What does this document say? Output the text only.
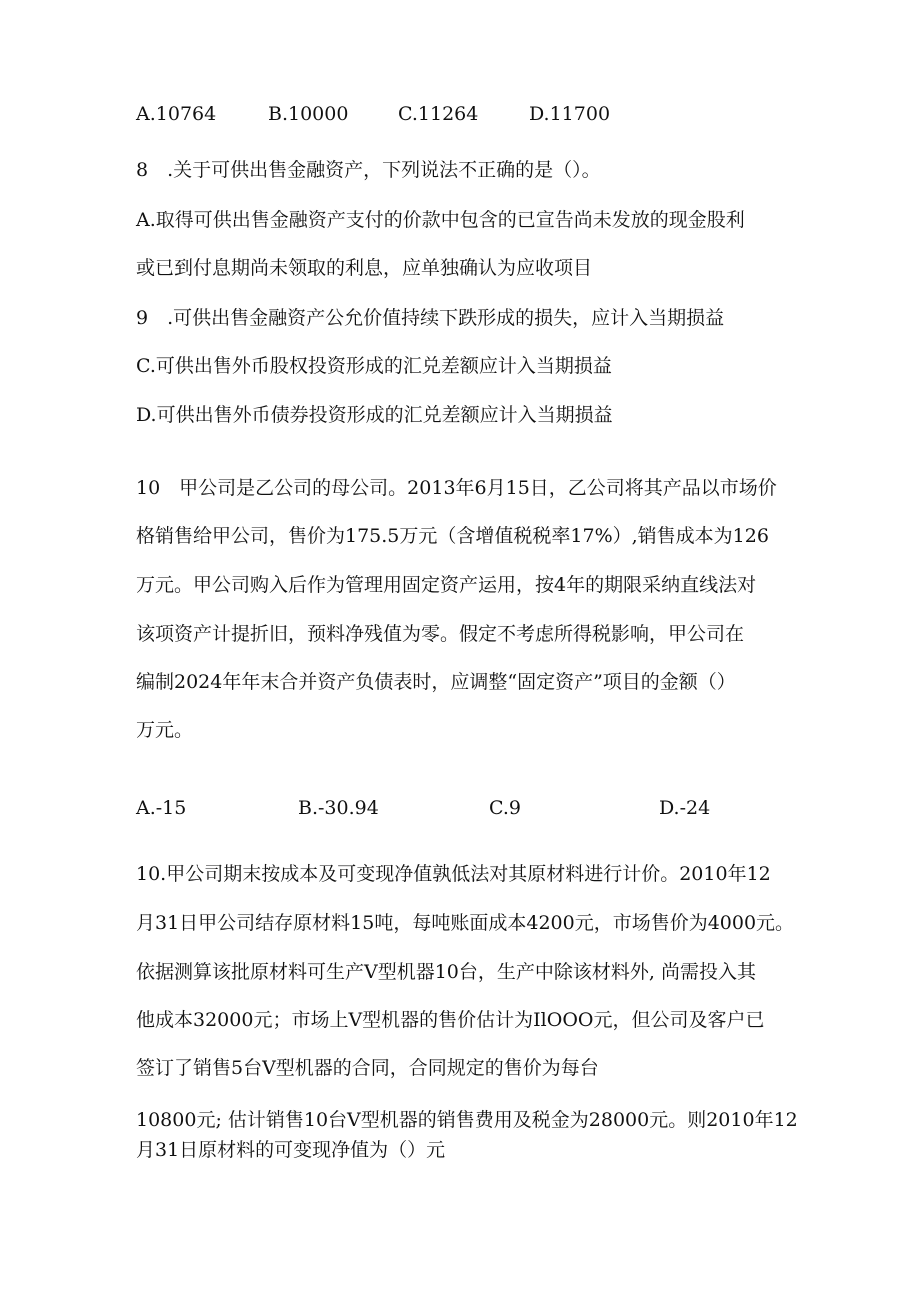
A.10764	B.10000	C.11264	D.11700
8　.关于可供出售金融资产，下列说法不正确的是（）。
A.取得可供出售金融资产支付的价款中包含的已宣告尚未发放的现金股利
或已到付息期尚未领取的利息，应单独确认为应收项目
9　.可供出售金融资产公允价值持续下跌形成的损失，应计入当期损益
C.可供出售外币股权投资形成的汇兑差额应计入当期损益
D.可供出售外币债券投资形成的汇兑差额应计入当期损益
10　甲公司是乙公司的母公司。2013年6月15日，乙公司将其产品以市场价
格销售给甲公司，售价为175.5万元（含增值税税率17%）,销售成本为126
万元。甲公司购入后作为管理用固定资产运用，按4年的期限采纳直线法对
该项资产计提折旧，预料净残值为零。假定不考虑所得税影响，甲公司在
编制2024年年末合并资产负债表时，应调整“固定资产”项目的金额（）
万元。
A.-15	B.-30.94	C.9	D.-24
10.甲公司期末按成本及可变现净值孰低法对其原材料进行计价。2010年12
月31日甲公司结存原材料15吨，每吨账面成本4200元，市场售价为4000元。
依据测算该批原材料可生产V型机器10台，生产中除该材料外, 尚需投入其
他成本32000元；市场上V型机器的售价估计为IlOOO元，但公司及客户已
签订了销售5台V型机器的合同，合同规定的售价为每台
10800元; 估计销售10台V型机器的销售费用及税金为28000元。则2010年12
月31日原材料的可变现净值为（）元
